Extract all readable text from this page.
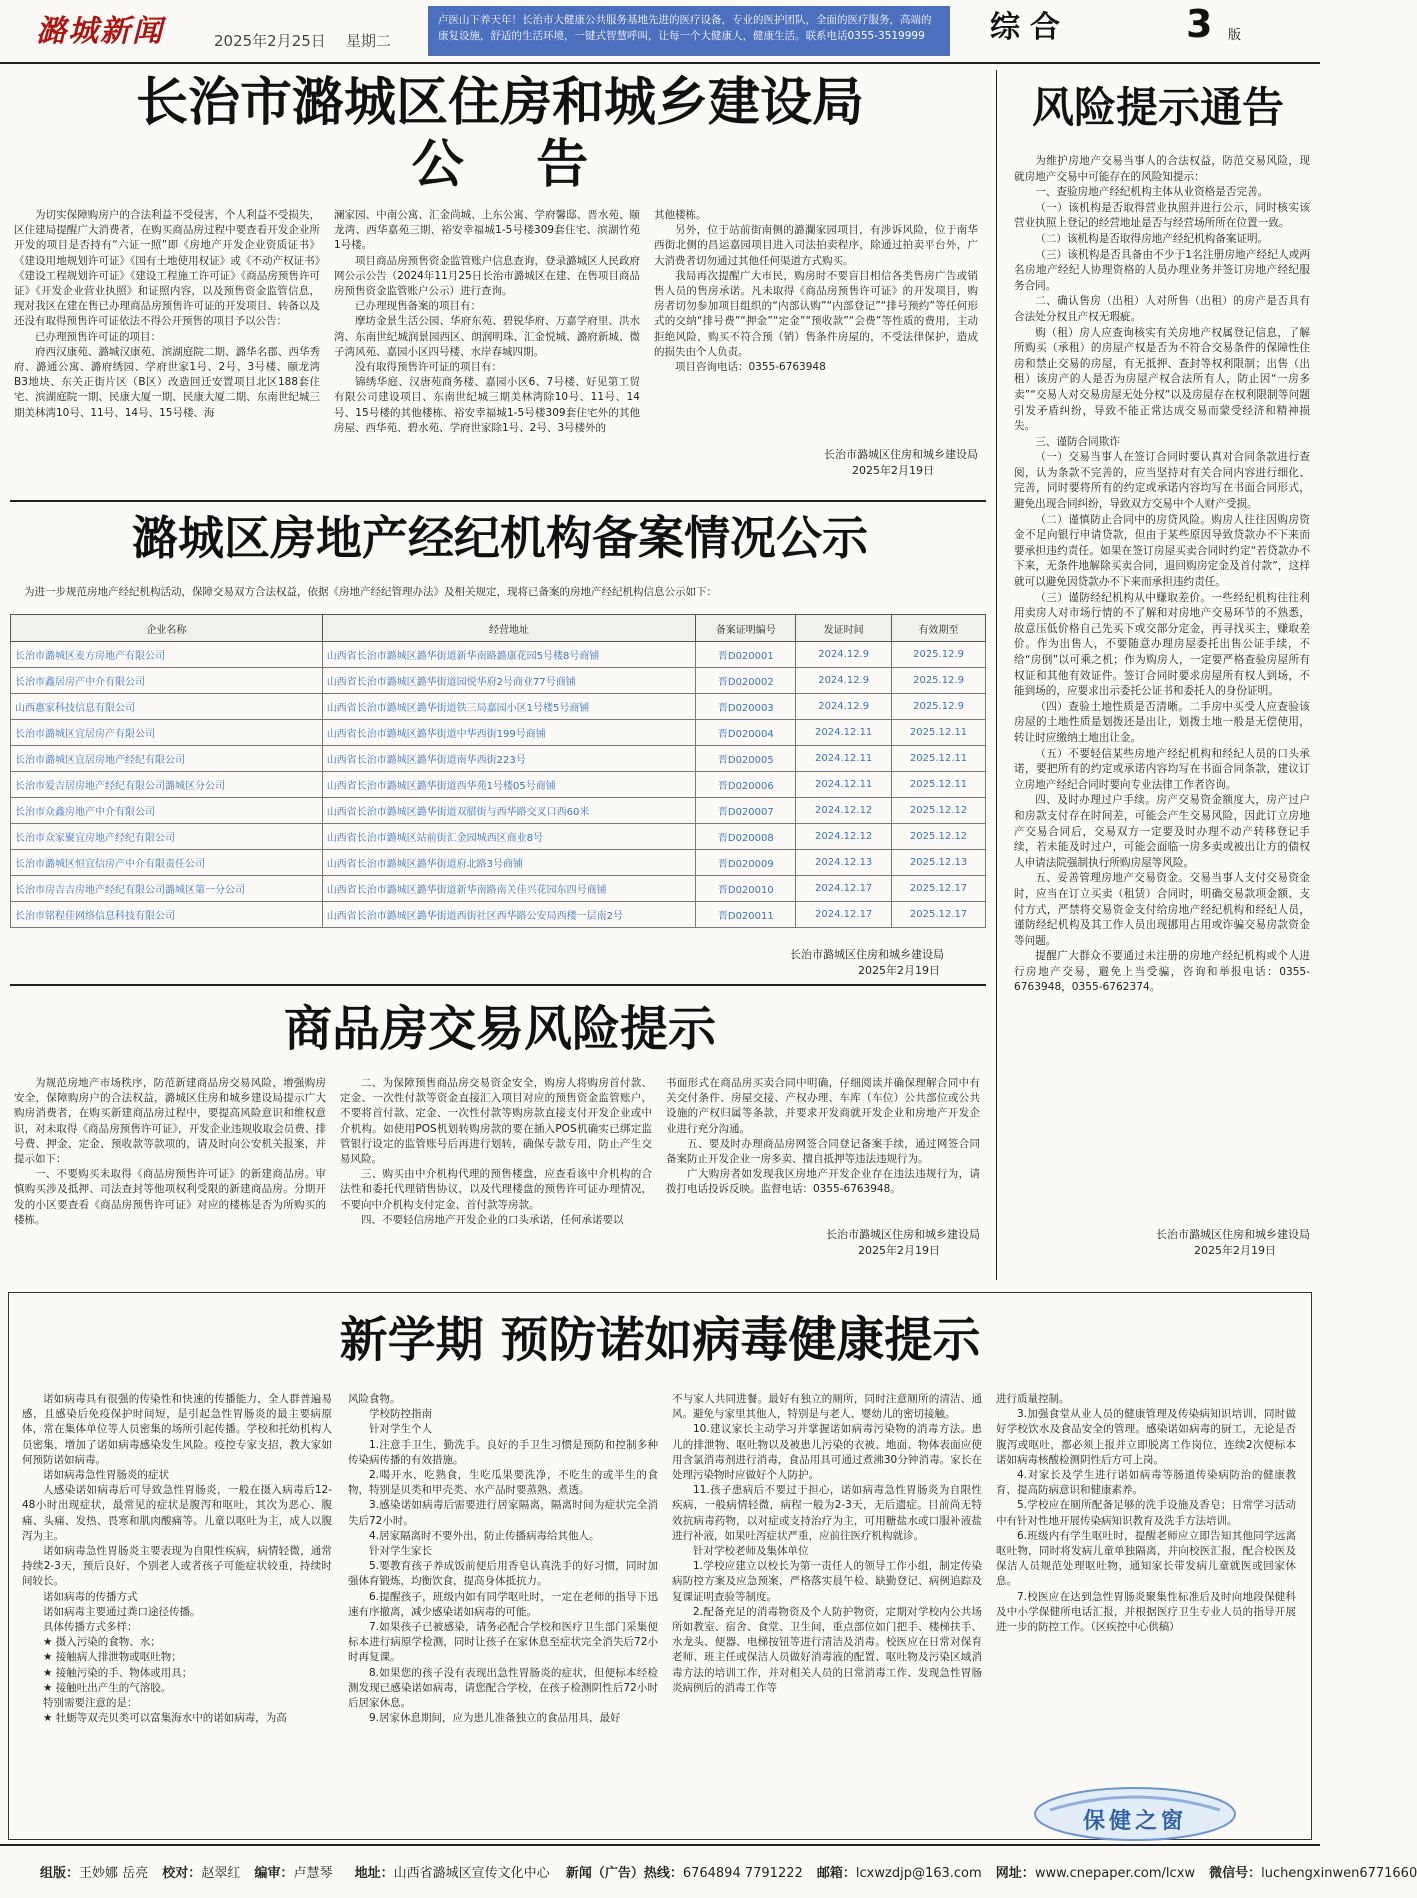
潞城新闻	2025年2月25日 星期二
卢医山下养天年！长治市大健康公共服务基地先进的医疗设备，专业的医护团队，全面的医疗服务，高端的康复设施，舒适的生活环境，一键式智慧呼叫，让每一个大健康人，健康生活。联系电话0355-3519999	综合	3 版
长治市潞城区住房和城乡建设局
公    告

为切实保障购房户的合法利益不受侵害，个人利益不受损失，区住建局提醒广大消费者，在购买商品房过程中要查看开发企业所开发的项目是否持有“六证一照”即《房地产开发企业资质证书》《建设用地规划许可证》《国有土地使用权证》或《不动产权证书》《建设工程规划许可证》《建设工程施工许可证》《商品房预售许可证》《开发企业营业执照》和证照内容，以及预售资金监管信息，现对我区在建在售已办理商品房预售许可证的开发项目、转备以及还没有取得预售许可证依法不得公开预售的项目予以公告：

已办理预售许可证的项目：

府西汉康苑、潞城汉康苑、滨湖庭院二期、潞华名郡、西华秀府、潞通公寓、潞府绣园、学府世家1号、2号、3号楼、颐龙湾B3地块、东关正街片区（B区）改造回迁安置项目北区188套住宅、滨湖庭院一期、民康大厦一期、民康大厦二期、东南世纪城三期美林湾10号、11号、14号、15号楼、海

澜家园、中南公寓、汇金尚城、上东公寓、学府馨邸、晋水苑、颐龙湾、西华嘉苑三期、裕安幸福城1-5号楼309套住宅、滨湖竹苑1号楼。

项目商品房预售资金监管账户信息查询，登录潞城区人民政府网公示公告（2024年11月25日长治市潞城区在建、在售项目商品房预售资金监管账户公示）进行查询。

已办理现售备案的项目有：

摩坊金景生活公园、华府东苑、碧锐华府、万嘉学府里、洪水湾、东南世纪城润景园西区、朗润明珠、汇金悦城、潞府新城、微子湾风苑、嘉园小区四号楼、水岸春城四期。

没有取得预售许可证的项目有：

锦绣华庭、汉唐苑商务楼、嘉园小区6、7号楼、好见第工贸有限公司建设项目、东南世纪城三期美林湾除10号、11号、14号、15号楼的其他楼栋、裕安幸福城1-5号楼309套住宅外的其他房屋、西华苑、碧水苑、学府世家除1号、2号、3号楼外的

其他楼栋。

另外，位于站前街南侧的潞瀾家园项目，有涉诉风险，位于南华西街北侧的昌运嘉园项目进入司法拍卖程序，除通过拍卖平台外，广大消费者切勿通过其他任何渠道方式购买。

我局再次提醒广大市民，购房时不要盲目相信各类售房广告或销售人员的售房承诺。凡未取得《商品房预售许可证》的开发项目，购房者切勿参加项目组织的“内部认购”“内部登记”“排号预约”等任何形式的交纳“排号费”“押金”“定金”“预收款”“会费”等性质的费用，主动拒绝风险，购买不符合预（销）售条件房屋的，不受法律保护，造成的损失由个人负责。

项目咨询电话：0355-6763948

长治市潞城区住房和城乡建设局
2025年2月19日
风险提示通告

为维护房地产交易当事人的合法权益，防范交易风险，现就房地产交易中可能存在的风险知提示：

一、查验房地产经纪机构主体从业资格是否完善。

（一）该机构是否取得营业执照并进行公示，同时核实该营业执照上登记的经营地址是否与经营场所所在位置一致。

（二）该机构是否取得房地产经纪机构备案证明。

（三）该机构是否具备由不少于1名注册房地产经纪人或两名房地产经纪人协理资格的人员办理业务并签订房地产经纪服务合同。

二、确认售房（出租）人对所售（出租）的房产是否具有合法处分权且产权无瑕疵。

购（租）房人应查询核实有关房地产权属登记信息，了解所购买（承租）的房屋产权是否为不符合交易条件的保障性住房和禁止交易的房屋，有无抵押、查封等权利限制；出售（出租）该房产的人是否为房屋产权合法所有人，防止因“一房多卖”“交易人对交易房屋无处分权”以及房屋存在权利限制等问题引发矛盾纠纷，导致不能正常达成交易而蒙受经济和精神损失。

三、谨防合同欺诈

（一）交易当事人在签订合同时要认真对合同条款进行查阅，认为条款不完善的，应当坚持对有关合同内容进行细化、完善，同时要将所有的约定或承诺内容均写在书面合同形式，避免出现合同纠纷，导致双方交易中个人财产受损。

（二）谨慎防止合同中的房贷风险。购房人往往因购房资金不足向银行申请贷款，但由于某些原因导致贷款办不下来而要承担违约责任。如果在签订房屋买卖合同时约定“若贷款办不下来，无条件地解除买卖合同，退回购房定金及首付款”，这样就可以避免因贷款办不下来而承担违约责任。

（三）谨防经纪机构从中赚取差价。一些经纪机构往往利用卖房人对市场行情的不了解和对房地产交易环节的不熟悉，故意压低价格自己先买下或交部分定金，再寻找买主，赚取差价。作为出售人，不要随意办理房屋委托出售公证手续，不给“房倒”以可乘之机；作为购房人，一定要严格查验房屋所有权证和其他有效证件。签订合同时要求房屋所有权人到场，不能到场的，应要求出示委托公证书和委托人的身份证明。

（四）查验土地性质是否清晰。二手房中买受人应查验该房屋的土地性质是划拨还是出让，划拨土地一般是无偿使用，转让时应缴纳土地出让金。

（五）不要轻信某些房地产经纪机构和经纪人员的口头承诺，要把所有的约定或承诺内容均写在书面合同条款，建议订立房地产经纪合同时要向专业法律工作者咨询。

四、及时办理过户手续。房产交易资金额度大，房产过户和房款支付存在时间差，可能会产生交易风险，因此订立房地产交易合同后，交易双方一定要及时办理不动产转移登记手续，若未能及时过户，可能会面临一房多卖或被出让方的债权人申请法院强制执行所购房屋等风险。

五、妥善管理房地产交易资金。交易当事人支付交易资金时，应当在订立买卖（租赁）合同时，明确交易款项金额、支付方式，严禁将交易资金支付给房地产经纪机构和经纪人员，谨防经纪机构及其工作人员出现挪用占用或诈骗交易房款资金等问题。

提醒广大群众不要通过未注册的房地产经纪机构或个人进行房地产交易，避免上当受骗，咨询和举报电话：0355-6763948，0355-6762374。

长治市潞城区住房和城乡建设局
2025年2月19日
潞城区房地产经纪机构备案情况公示
为进一步规范房地产经纪机构活动，保障交易双方合法权益，依据《房地产经纪管理办法》及相关规定，现将已备案的房地产经纪机构信息公示如下：
企业名称	经营地址	备案证明编号	发证时间	有效期至
长治市潞城区麦方房地产有限公司	山西省长治市潞城区潞华街道新华南路潞康花园5号楼8号商铺	晋D020001	2024.12.9	2025.12.9
长治市鑫居房产中介有限公司	山西省长治市潞城区潞华街道园悦华府2号商业77号商铺	晋D020002	2024.12.9	2025.12.9
山西惠家科技信息有限公司	山西省长治市潞城区潞华街道铁三局嘉园小区1号楼5号商铺	晋D020003	2024.12.9	2025.12.9
长治市潞城区宜居房产有限公司	山西省长治市潞城区潞华街道中华西街199号商铺	晋D020004	2024.12.11	2025.12.11
长治市潞城区宜居房地产经纪有限公司	山西省长治市潞城区潞华街道南华西街223号	晋D020005	2024.12.11	2025.12.11
长治市爱吉居房地产经纪有限公司潞城区分公司	山西省长治市潞城区潞华街道西华苑1号楼05号商铺	晋D020006	2024.12.11	2025.12.11
长治市众鑫房地产中介有限公司	山西省长治市潞城区潞华街道双腊街与西华路交叉口西60米	晋D020007	2024.12.12	2025.12.12
长治市众家聚宜房地产经纪有限公司	山西省长治市潞城区站前街汇金园城西区商业8号	晋D020008	2024.12.12	2025.12.12
长治市潞城区恒宜信房产中介有限责任公司	山西省长治市潞城区潞华街道府北路3号商铺	晋D020009	2024.12.13	2025.12.13
长治市房吉吉房地产经纪有限公司潞城区第一分公司	山西省长治市潞城区潞华街道新华南路南关佳兴花园东四号商铺	晋D020010	2024.12.17	2025.12.17
长治市铭程佳网络信息科技有限公司	山西省长治市潞城区潞华街道西街社区西华路公安局西楼一层南2号	晋D020011	2024.12.17	2025.12.17
长治市潞城区住房和城乡建设局
2025年2月19日
商品房交易风险提示

为规范房地产市场秩序，防范新建商品房交易风险，增强购房安全，保障购房户的合法权益，潞城区住房和城乡建设局提示广大购房消费者，在购买新建商品房过程中，要提高风险意识和维权意识，对未取得《商品房预售许可证》，开发企业违规收取会员费、排号费、押金、定金、预收款等款项的，请及时向公安机关报案，并提示如下：

一、不要购买未取得《商品房预售许可证》的新建商品房。审慎购买涉及抵押、司法查封等他项权利受限的新建商品房。分期开发的小区要查看《商品房预售许可证》对应的楼栋是否为所购买的楼栋。

二、为保障预售商品房交易资金安全，购房人将购房首付款、定金、一次性付款等资金直接汇入项目对应的预售资金监管账户，不要将首付款、定金、一次性付款等购房款直接支付开发企业或中介机构。如使用POS机划转购房款的要在插入POS机确实已绑定监管银行设定的监管账号后再进行划转，确保专款专用，防止产生交易风险。

三、购买由中介机构代理的预售楼盘，应查看该中介机构的合法性和委托代理销售协议，以及代理楼盘的预售许可证办理情况，不要向中介机构支付定金、首付款等房款。

四、不要轻信房地产开发企业的口头承诺，任何承诺要以

书面形式在商品房买卖合同中明确，仔细阅读并确保理解合同中有关交付条件、房屋交接、产权办理、车库（车位）公共部位或公共设施的产权归属等条款，并要求开发商就开发企业和房地产开发企业进行充分沟通。

五、要及时办理商品房网签合同登记备案手续，通过网签合同备案防止开发企业一房多卖、擅自抵押等违法违规行为。

广大购房者如发现我区房地产开发企业存在违法违规行为，请拨打电话投诉反映。监督电话：0355-6763948。

长治市潞城区住房和城乡建设局
2025年2月19日
新学期 预防诺如病毒健康提示

诺如病毒具有很强的传染性和快速的传播能力，全人群普遍易感，且感染后免疫保护时间短，是引起急性胃肠炎的最主要病原体，常在集体单位等人员密集的场所引起传播。学校和托幼机构人员密集，增加了诺如病毒感染发生风险。疫控专家支招，教大家如何预防诺如病毒。

诺如病毒急性胃肠炎的症状

人感染诺如病毒后可导致急性胃肠炎，一般在摄入病毒后12-48小时出现症状，最常见的症状是腹泻和呕吐，其次为恶心、腹痛、头痛、发热、畏寒和肌肉酸痛等。儿童以呕吐为主，成人以腹泻为主。

诺如病毒急性胃肠炎主要表现为自限性疾病，病情轻微，通常持续2-3天，预后良好，个别老人或者孩子可能症状较重，持续时间较长。

诺如病毒的传播方式

诺如病毒主要通过粪口途径传播。

具体传播方式多样：

★ 摄入污染的食物、水；

★ 接触病人排泄物或呕吐物；

★ 接触污染的手、物体或用具；

★ 接触吐出产生的气溶胶。

特别需要注意的是：

★ 牡蛎等双壳贝类可以富集海水中的诺如病毒，为高

风险食物。

学校防控指南

针对学生个人

1.注意手卫生，勤洗手。良好的手卫生习惯是预防和控制多种传染病传播的有效措施。

2.喝开水，吃熟食，生吃瓜果要洗净，不吃生的或半生的食物，特别是贝类和甲壳类、水产品时要蒸熟、煮透。

3.感染诺如病毒后需要进行居家隔离，隔离时间为症状完全消失后72小时。

4.居家隔离时不要外出，防止传播病毒给其他人。

针对学生家长

5.要教育孩子养成饭前便后用香皂认真洗手的好习惯，同时加强体育锻炼，均衡饮食，提高身体抵抗力。

6.提醒孩子，班级内如有同学呕吐时，一定在老师的指导下迅速有序撤离，减少感染诺如病毒的可能。

7.如果孩子已被感染，请务必配合学校和医疗卫生部门采集便标本进行病原学检测，同时让孩子在家休息至症状完全消失后72小时再复课。

8.如果您的孩子没有表现出急性胃肠炎的症状，但便标本经检测发现已感染诺如病毒，请您配合学校，在孩子检测阴性后72小时后居家休息。

9.居家休息期间，应为患儿准备独立的食品用具，最好

不与家人共同进餐。最好有独立的厕所，同时注意厕所的清洁、通风。避免与家里其他人，特别是与老人、婴幼儿的密切接触。

10.建议家长主动学习并掌握诺如病毒污染物的消毒方法。患儿的排泄物、呕吐物以及被患儿污染的衣被、地面、物体表面应使用含氯消毒剂进行消毒，食品用具可通过煮沸30分钟消毒。家长在处理污染物时应做好个人防护。

11.孩子患病后不要过于担心，诺如病毒急性胃肠炎为自限性疾病，一般病情轻微，病程一般为2-3天，无后遗症。目前尚无特效抗病毒药物，以对症或支持治疗为主，可用糖盐水或口服补液盐进行补液，如果吐泻症状严重，应前往医疗机构就诊。

针对学校老师及集体单位

1.学校应建立以校长为第一责任人的领导工作小组，制定传染病防控方案及应急预案，严格落实晨午检、缺勤登记、病例追踪及复课证明查验等制度。

2.配备充足的消毒物资及个人防护物资，定期对学校内公共场所如教室、宿舍、食堂、卫生间，重点部位如门把手、楼梯扶手、水龙头、便器、电梯按钮等进行清洁及消毒。校医应在日常对保育老师、班主任或保洁人员做好消毒液的配置、呕吐物及污染区域消毒方法的培训工作，并对相关人员的日常消毒工作、发现急性胃肠炎病例后的消毒工作等

进行质量控制。

3.加强食堂从业人员的健康管理及传染病知识培训，同时做好学校饮水及食品安全的管理。感染诺如病毒的厨工，无论是否腹泻或呕吐，都必须上报并立即脱离工作岗位，连续2次便标本诺如病毒核酸检测阴性后方可上岗。

4.对家长及学生进行诺如病毒等肠道传染病防治的健康教育，提高防病意识和健康素养。

5.学校应在厕所配备足够的洗手设施及香皂；日常学习活动中有针对性地开展传染病知识教育及洗手方法培训。

6.班级内有学生呕吐时，提醒老师应立即告知其他同学远离呕吐物，同时将发病儿童单独隔离，并向校医汇报，配合校医及保洁人员规范处理呕吐物，通知家长带发病儿童就医或回家休息。

7.校医应在达到急性胃肠炎聚集性标准后及时向地段保健科及中小学保健所电话汇报，并根据医疗卫生专业人员的指导开展进一步的防控工作。（区疾控中心供稿）

保健之窗
组版：王妙娜 岳亮 校对：赵翠红 编审：卢慧琴 地址：山西省潞城区宣传文化中心 新闻（广告）热线：6764894 7791222 邮箱：lcxwzdjp@163.com 网址：www.cnepaper.com/lcxw 微信号：luchengxinwen6771660
